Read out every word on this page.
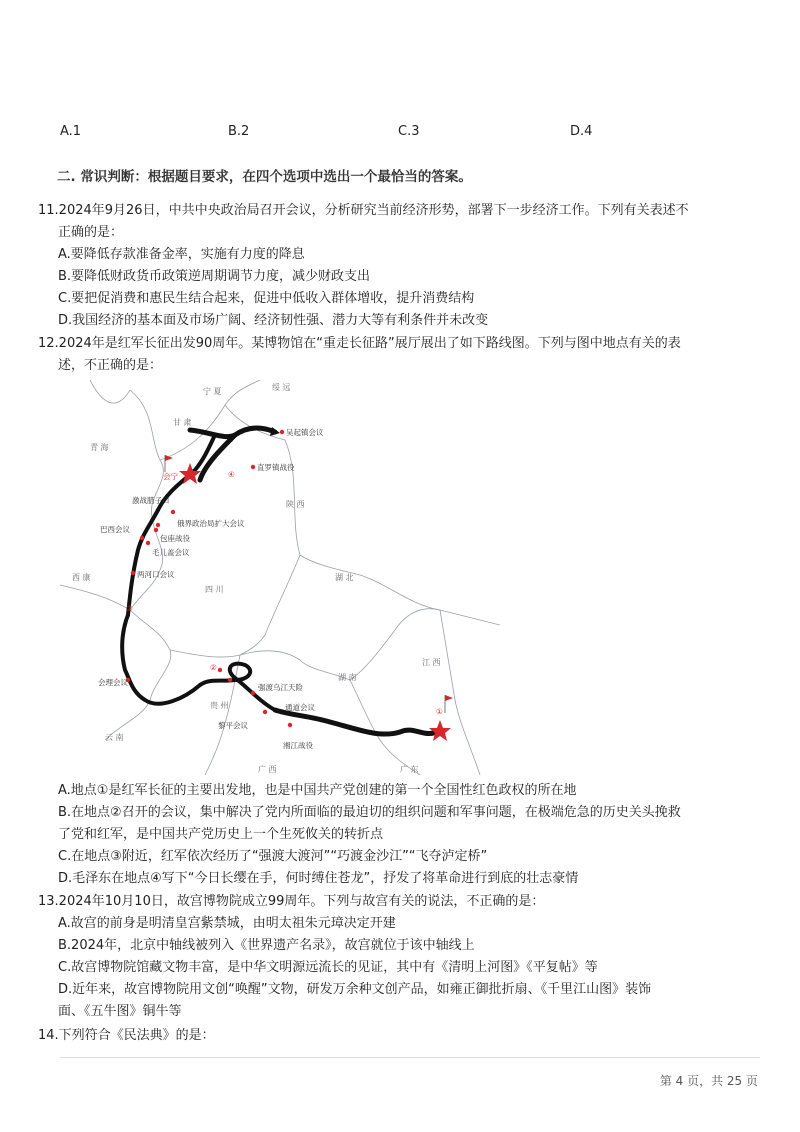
A.1	B.2	C.3	D.4
二. 常识判断：根据题目要求，在四个选项中选出一个最恰当的答案。
11.2024年9月26日，中共中央政治局召开会议，分析研究当前经济形势，部署下一步经济工作。下列有关表述不
正确的是：
A.要降低存款准备金率，实施有力度的降息
B.要降低财政货币政策逆周期调节力度，减少财政支出
C.要把促消费和惠民生结合起来，促进中低收入群体增收，提升消费结构
D.我国经济的基本面及市场广阔、经济韧性强、潜力大等有利条件并未改变
12.2024年是红军长征出发90周年。某博物馆在“重走长征路”展厅展出了如下路线图。下列与图中地点有关的表
述，不正确的是：
宁 夏	绥 远
甘 肃
青 海
陕 西
西 康
四 川
湖 北
湖 南
江 西
贵 州
云 南
广 西	广 东
吴起镇会议
会宁
直罗镇战役
激战腊子口
俄界政治局扩大会议
包座战役
毛儿盖会议
巴西会议
两河口会议
会理会议
强渡乌江天险
通道会议
黎平会议
湘江战役
①
②
③
④
A.地点①是红军长征的主要出发地，也是中国共产党创建的第一个全国性红色政权的所在地
B.在地点②召开的会议，集中解决了党内所面临的最迫切的组织问题和军事问题，在极端危急的历史关头挽救
了党和红军，是中国共产党历史上一个生死攸关的转折点
C.在地点③附近，红军依次经历了“强渡大渡河”“巧渡金沙江”“飞夺泸定桥”
D.毛泽东在地点④写下“今日长缨在手，何时缚住苍龙”，抒发了将革命进行到底的壮志豪情
13.2024年10月10日，故宫博物院成立99周年。下列与故宫有关的说法，不正确的是：
A.故宫的前身是明清皇宫紫禁城，由明太祖朱元璋决定开建
B.2024年，北京中轴线被列入《世界遗产名录》，故宫就位于该中轴线上
C.故宫博物院馆藏文物丰富，是中华文明源远流长的见证，其中有《清明上河图》《平复帖》等
D.近年来，故宫博物院用文创“唤醒”文物，研发万余种文创产品，如雍正御批折扇、《千里江山图》装饰
面、《五牛图》铜牛等
14.下列符合《民法典》的是：
第 4 页，共 25 页
